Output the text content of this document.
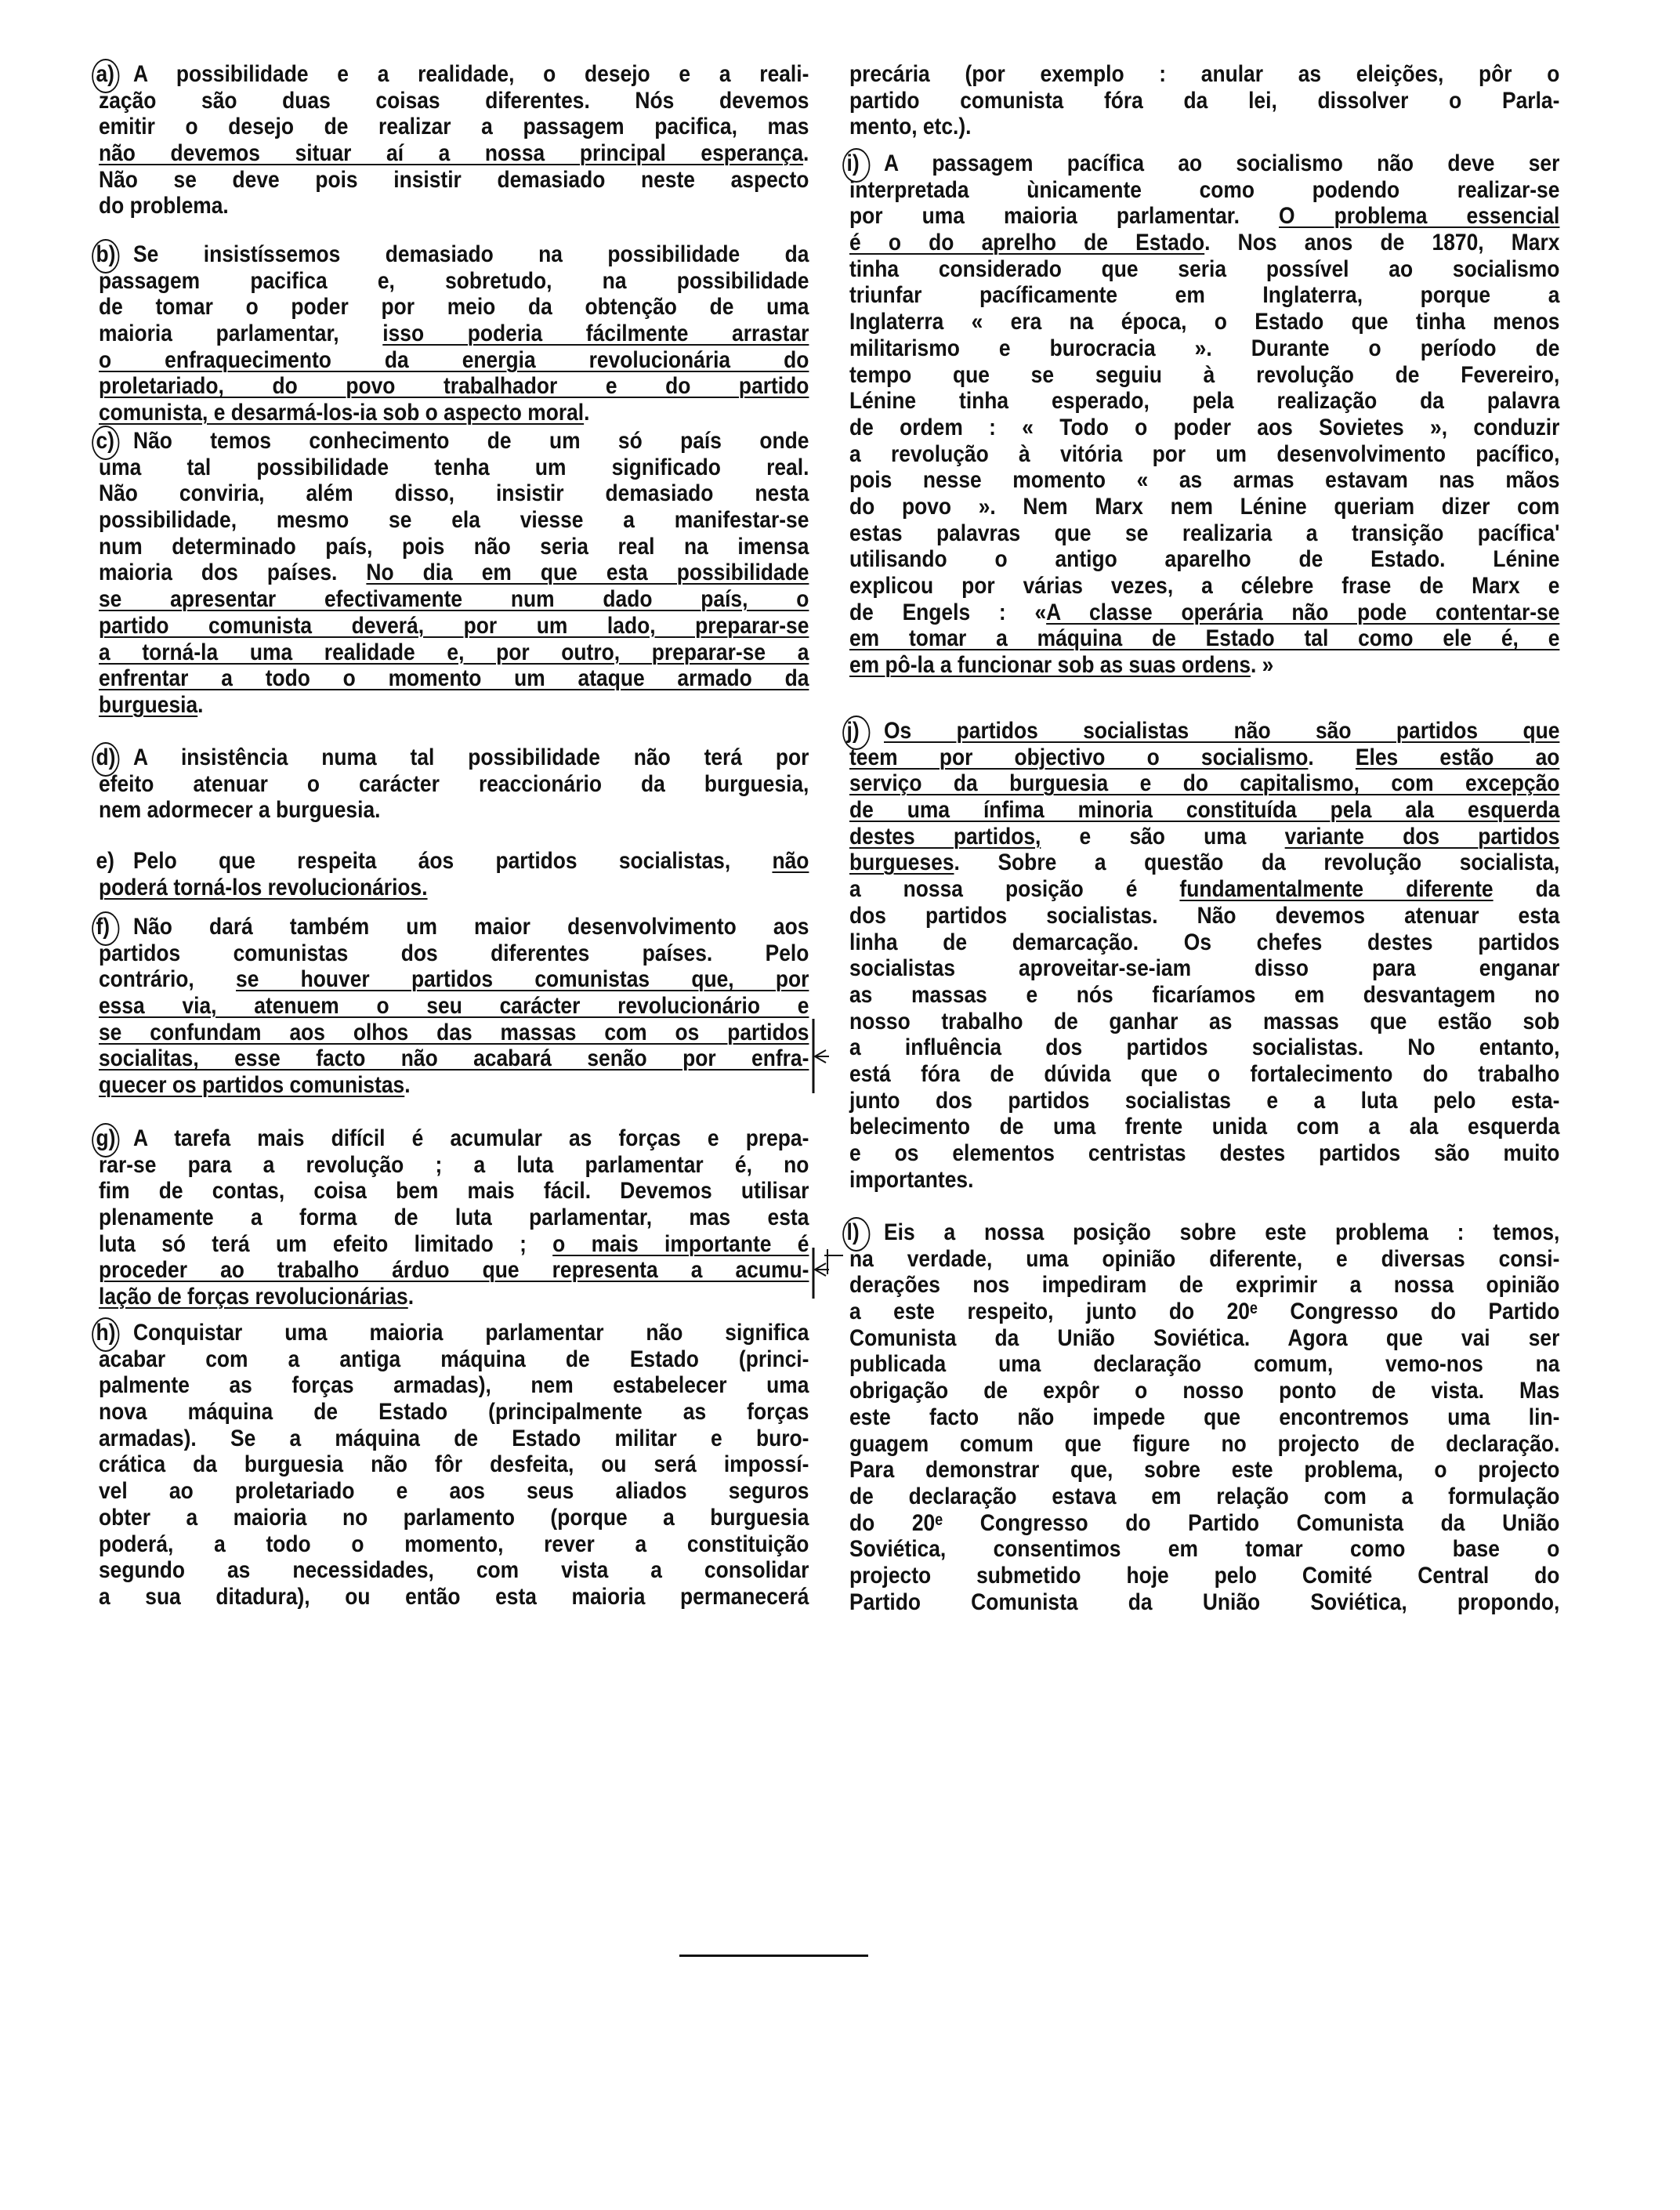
a) A possibilidade e a realidade, o desejo e a reali-
zação são duas coisas diferentes. Nós devemos
emitir o desejo de realizar a passagem pacifica, mas
não devemos situar aí a nossa principal esperança.
Não se deve pois insistir demasiado neste aspecto
do problema.
b) Se insistíssemos demasiado na possibilidade da
passagem pacifica e, sobretudo, na possibilidade
de tomar o poder por meio da obtenção de uma
maioria parlamentar, isso poderia fácilmente arrastar
o enfraquecimento da energia revolucionária do
proletariado, do povo trabalhador e do partido
comunista, e desarmá-los-ia sob o aspecto moral.
c) Não temos conhecimento de um só país onde
uma tal possibilidade tenha um significado real.
Não conviria, além disso, insistir demasiado nesta
possibilidade, mesmo se ela viesse a manifestar-se
num determinado país, pois não seria real na imensa
maioria dos países. No dia em que esta possibilidade
se apresentar efectivamente num dado país, o
partido comunista deverá, por um lado, preparar-se
a torná-la uma realidade e, por outro, preparar-se a
enfrentar a todo o momento um ataque armado da
burguesia.
d) A insistência numa tal possibilidade não terá por
efeito atenuar o carácter reaccionário da burguesia,
nem adormecer a burguesia.
e) Pelo que respeita áos partidos socialistas, não
poderá torná-los revolucionários.
f) Não dará também um maior desenvolvimento aos
partidos comunistas dos diferentes países. Pelo
contrário, se houver partidos comunistas que, por
essa via, atenuem o seu carácter revolucionário e
se confundam aos olhos das massas com os partidos
socialitas, esse facto não acabará senão por enfra-
quecer os partidos comunistas.
g) A tarefa mais difícil é acumular as forças e prepa-
rar-se para a revolução ; a luta parlamentar é, no
fim de contas, coisa bem mais fácil. Devemos utilisar
plenamente a forma de luta parlamentar, mas esta
luta só terá um efeito limitado ; o mais importante é
proceder ao trabalho árduo que representa a acumu-
lação de forças revolucionárias.
h) Conquistar uma maioria parlamentar não significa
acabar com a antiga máquina de Estado (princi-
palmente as forças armadas), nem estabelecer uma
nova máquina de Estado (principalmente as forças
armadas). Se a máquina de Estado militar e buro-
crática da burguesia não fôr desfeita, ou será impossí-
vel ao proletariado e aos seus aliados seguros
obter a maioria no parlamento (porque a burguesia
poderá, a todo o momento, rever a constituição
segundo as necessidades, com vista a consolidar
a sua ditadura), ou então esta maioria permanecerá
precária (por exemplo : anular as eleições, pôr o
partido comunista fóra da lei, dissolver o Parla-
mento, etc.).
i) A passagem pacífica ao socialismo não deve ser
interpretada ùnicamente como podendo realizar-se
por uma maioria parlamentar. O problema essencial
é o do aprelho de Estado. Nos anos de 1870, Marx
tinha considerado que seria possível ao socialismo
triunfar pacíficamente em Inglaterra, porque a
Inglaterra « era na época, o Estado que tinha menos
militarismo e burocracia ». Durante o período de
tempo que se seguiu à revolução de Fevereiro,
Lénine tinha esperado, pela realização da palavra
de ordem : « Todo o poder aos Sovietes », conduzir
a revolução à vitória por um desenvolvimento pacífico,
pois nesse momento « as armas estavam nas mãos
do povo ». Nem Marx nem Lénine queriam dizer com
estas palavras que se realizaria a transição pacífica'
utilisando o antigo aparelho de Estado. Lénine
explicou por várias vezes, a célebre frase de Marx e
de Engels : «A classe operária não pode contentar-se
em tomar a máquina de Estado tal como ele é, e
em pô-la a funcionar sob as suas ordens. »
j) Os partidos socialistas não são partidos que
teem por objectivo o socialismo. Eles estão ao
serviço da burguesia e do capitalismo, com excepção
de uma ínfima minoria constituída pela ala esquerda
destes partidos, e são uma variante dos partidos
burgueses. Sobre a questão da revolução socialista,
a nossa posição é fundamentalmente diferente da
dos partidos socialistas. Não devemos atenuar esta
linha de demarcação. Os chefes destes partidos
socialistas aproveitar-se-iam disso para enganar
as massas e nós ficaríamos em desvantagem no
nosso trabalho de ganhar as massas que estão sob
a influência dos partidos socialistas. No entanto,
está fóra de dúvida que o fortalecimento do trabalho
junto dos partidos socialistas e a luta pelo esta-
belecimento de uma frente unida com a ala esquerda
e os elementos centristas destes partidos são muito
importantes.
l) Eis a nossa posição sobre este problema : temos,
na verdade, uma opinião diferente, e diversas consi-
derações nos impediram de exprimir a nossa opinião
a este respeito, junto do 20ᵉ Congresso do Partido
Comunista da União Soviética. Agora que vai ser
publicada uma declaração comum, vemo-nos na
obrigação de expôr o nosso ponto de vista. Mas
este facto não impede que encontremos uma lin-
guagem comum que figure no projecto de declaração.
Para demonstrar que, sobre este problema, o projecto
de declaração estava em relação com a formulação
do 20ᵉ Congresso do Partido Comunista da União
Soviética, consentimos em tomar como base o
projecto submetido hoje pelo Comité Central do
Partido Comunista da União Soviética, propondo,
